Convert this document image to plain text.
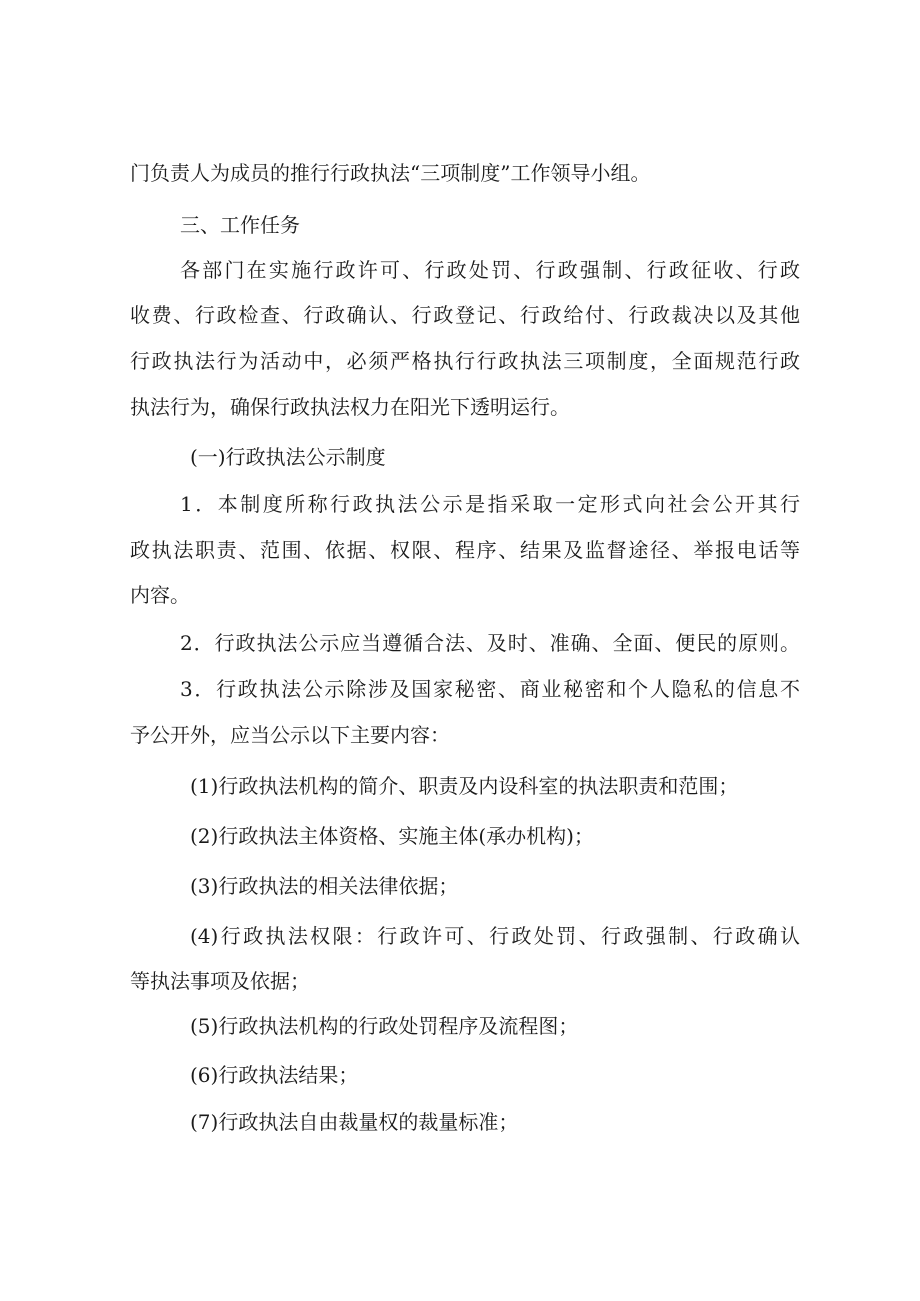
门负责人为成员的推行行政执法“三项制度”工作领导小组。
三、工作任务
各部门在实施行政许可、行政处罚、行政强制、行政征收、行政
收费、行政检查、行政确认、行政登记、行政给付、行政裁决以及其他
行政执法行为活动中，必须严格执行行政执法三项制度，全面规范行政
执法行为，确保行政执法权力在阳光下透明运行。
(一)行政执法公示制度
1．本制度所称行政执法公示是指采取一定形式向社会公开其行
政执法职责、范围、依据、权限、程序、结果及监督途径、举报电话等
内容。
2．行政执法公示应当遵循合法、及时、准确、全面、便民的原则。
3．行政执法公示除涉及国家秘密、商业秘密和个人隐私的信息不
予公开外，应当公示以下主要内容：
(1)行政执法机构的简介、职责及内设科室的执法职责和范围；
(2)行政执法主体资格、实施主体(承办机构)；
(3)行政执法的相关法律依据；
(4)行政执法权限：行政许可、行政处罚、行政强制、行政确认
等执法事项及依据；
(5)行政执法机构的行政处罚程序及流程图；
(6)行政执法结果；
(7)行政执法自由裁量权的裁量标准；
